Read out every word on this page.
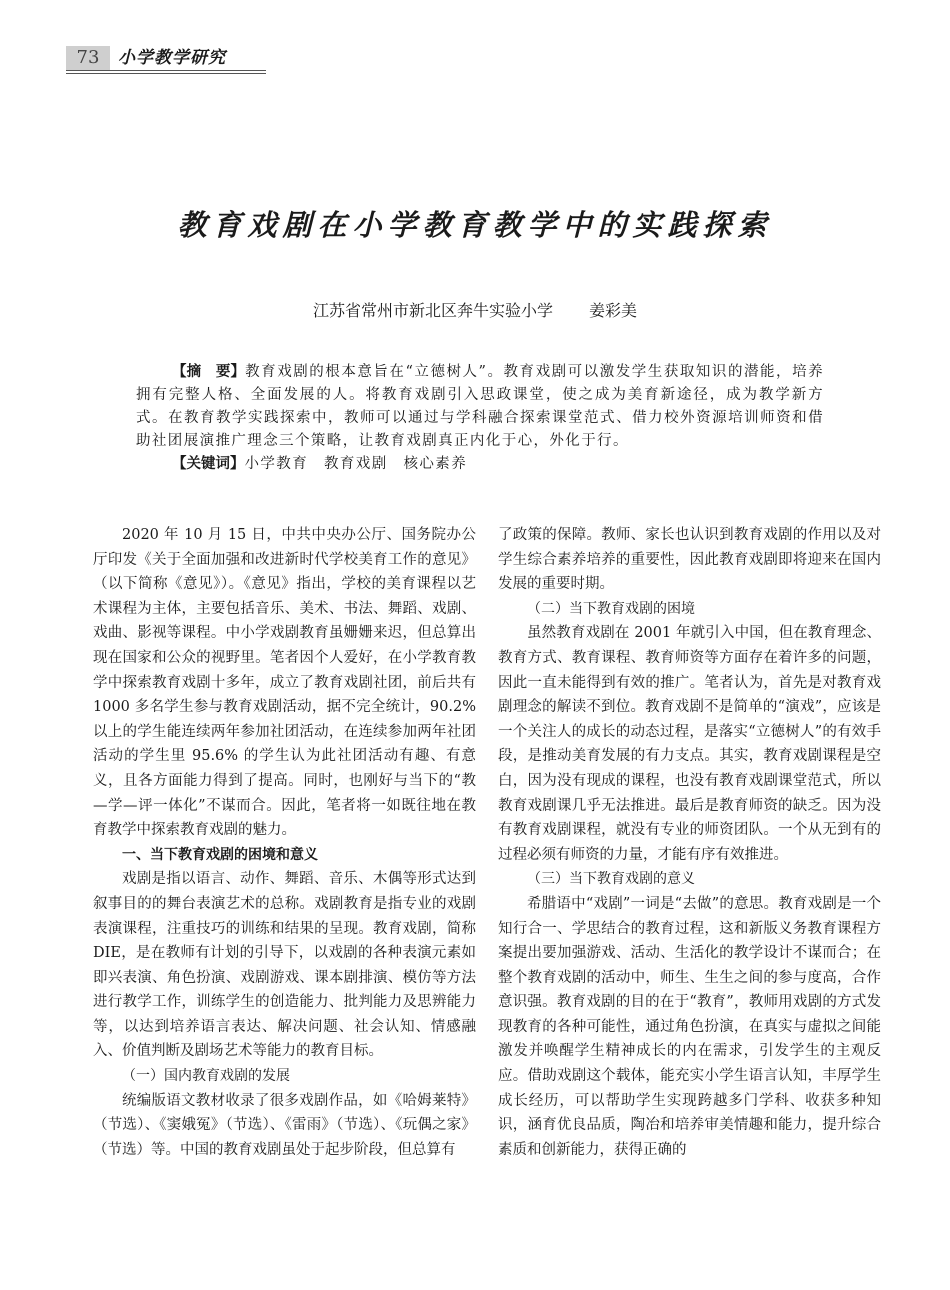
73	小学教学研究
教育戏剧在小学教育教学中的实践探索
江苏省常州市新北区奔牛实验小学 姜彩美

【摘　要】教育戏剧的根本意旨在“立德树人”。教育戏剧可以激发学生获取知识的潜能，培养拥有完整人格、全面发展的人。将教育戏剧引入思政课堂，使之成为美育新途径，成为教学新方式。在教育教学实践探索中，教师可以通过与学科融合探索课堂范式、借力校外资源培训师资和借助社团展演推广理念三个策略，让教育戏剧真正内化于心，外化于行。

【关键词】小学教育　教育戏剧　核心素养

2020 年 10 月 15 日，中共中央办公厅、国务院办公厅印发《关于全面加强和改进新时代学校美育工作的意见》（以下简称《意见》）。《意见》指出，学校的美育课程以艺术课程为主体，主要包括音乐、美术、书法、舞蹈、戏剧、戏曲、影视等课程。中小学戏剧教育虽姗姗来迟，但总算出现在国家和公众的视野里。笔者因个人爱好，在小学教育教学中探索教育戏剧十多年，成立了教育戏剧社团，前后共有 1000 多名学生参与教育戏剧活动，据不完全统计，90.2% 以上的学生能连续两年参加社团活动，在连续参加两年社团活动的学生里 95.6% 的学生认为此社团活动有趣、有意义，且各方面能力得到了提高。同时，也刚好与当下的“教—学—评一体化”不谋而合。因此，笔者将一如既往地在教育教学中探索教育戏剧的魅力。

一、当下教育戏剧的困境和意义

戏剧是指以语言、动作、舞蹈、音乐、木偶等形式达到叙事目的的舞台表演艺术的总称。戏剧教育是指专业的戏剧表演课程，注重技巧的训练和结果的呈现。教育戏剧，简称 DIE，是在教师有计划的引导下，以戏剧的各种表演元素如即兴表演、角色扮演、戏剧游戏、课本剧排演、模仿等方法进行教学工作，训练学生的创造能力、批判能力及思辨能力等，以达到培养语言表达、解决问题、社会认知、情感融入、价值判断及剧场艺术等能力的教育目标。

（一）国内教育戏剧的发展

统编版语文教材收录了很多戏剧作品，如《哈姆莱特》（节选）、《窦娥冤》（节选）、《雷雨》（节选）、《玩偶之家》（节选）等。中国的教育戏剧虽处于起步阶段，但总算有

了政策的保障。教师、家长也认识到教育戏剧的作用以及对学生综合素养培养的重要性，因此教育戏剧即将迎来在国内发展的重要时期。

（二）当下教育戏剧的困境

虽然教育戏剧在 2001 年就引入中国，但在教育理念、教育方式、教育课程、教育师资等方面存在着许多的问题，因此一直未能得到有效的推广。笔者认为，首先是对教育戏剧理念的解读不到位。教育戏剧不是简单的“演戏”，应该是一个关注人的成长的动态过程，是落实“立德树人”的有效手段，是推动美育发展的有力支点。其实，教育戏剧课程是空白，因为没有现成的课程，也没有教育戏剧课堂范式，所以教育戏剧课几乎无法推进。最后是教育师资的缺乏。因为没有教育戏剧课程，就没有专业的师资团队。一个从无到有的过程必须有师资的力量，才能有序有效推进。

（三）当下教育戏剧的意义

希腊语中“戏剧”一词是“去做”的意思。教育戏剧是一个知行合一、学思结合的教育过程，这和新版义务教育课程方案提出要加强游戏、活动、生活化的教学设计不谋而合；在整个教育戏剧的活动中，师生、生生之间的参与度高，合作意识强。教育戏剧的目的在于“教育”，教师用戏剧的方式发现教育的各种可能性，通过角色扮演，在真实与虚拟之间能激发并唤醒学生精神成长的内在需求，引发学生的主观反应。借助戏剧这个载体，能充实小学生语言认知，丰厚学生成长经历，可以帮助学生实现跨越多门学科、收获多种知识，涵育优良品质，陶冶和培养审美情趣和能力，提升综合素质和创新能力，获得正确的
